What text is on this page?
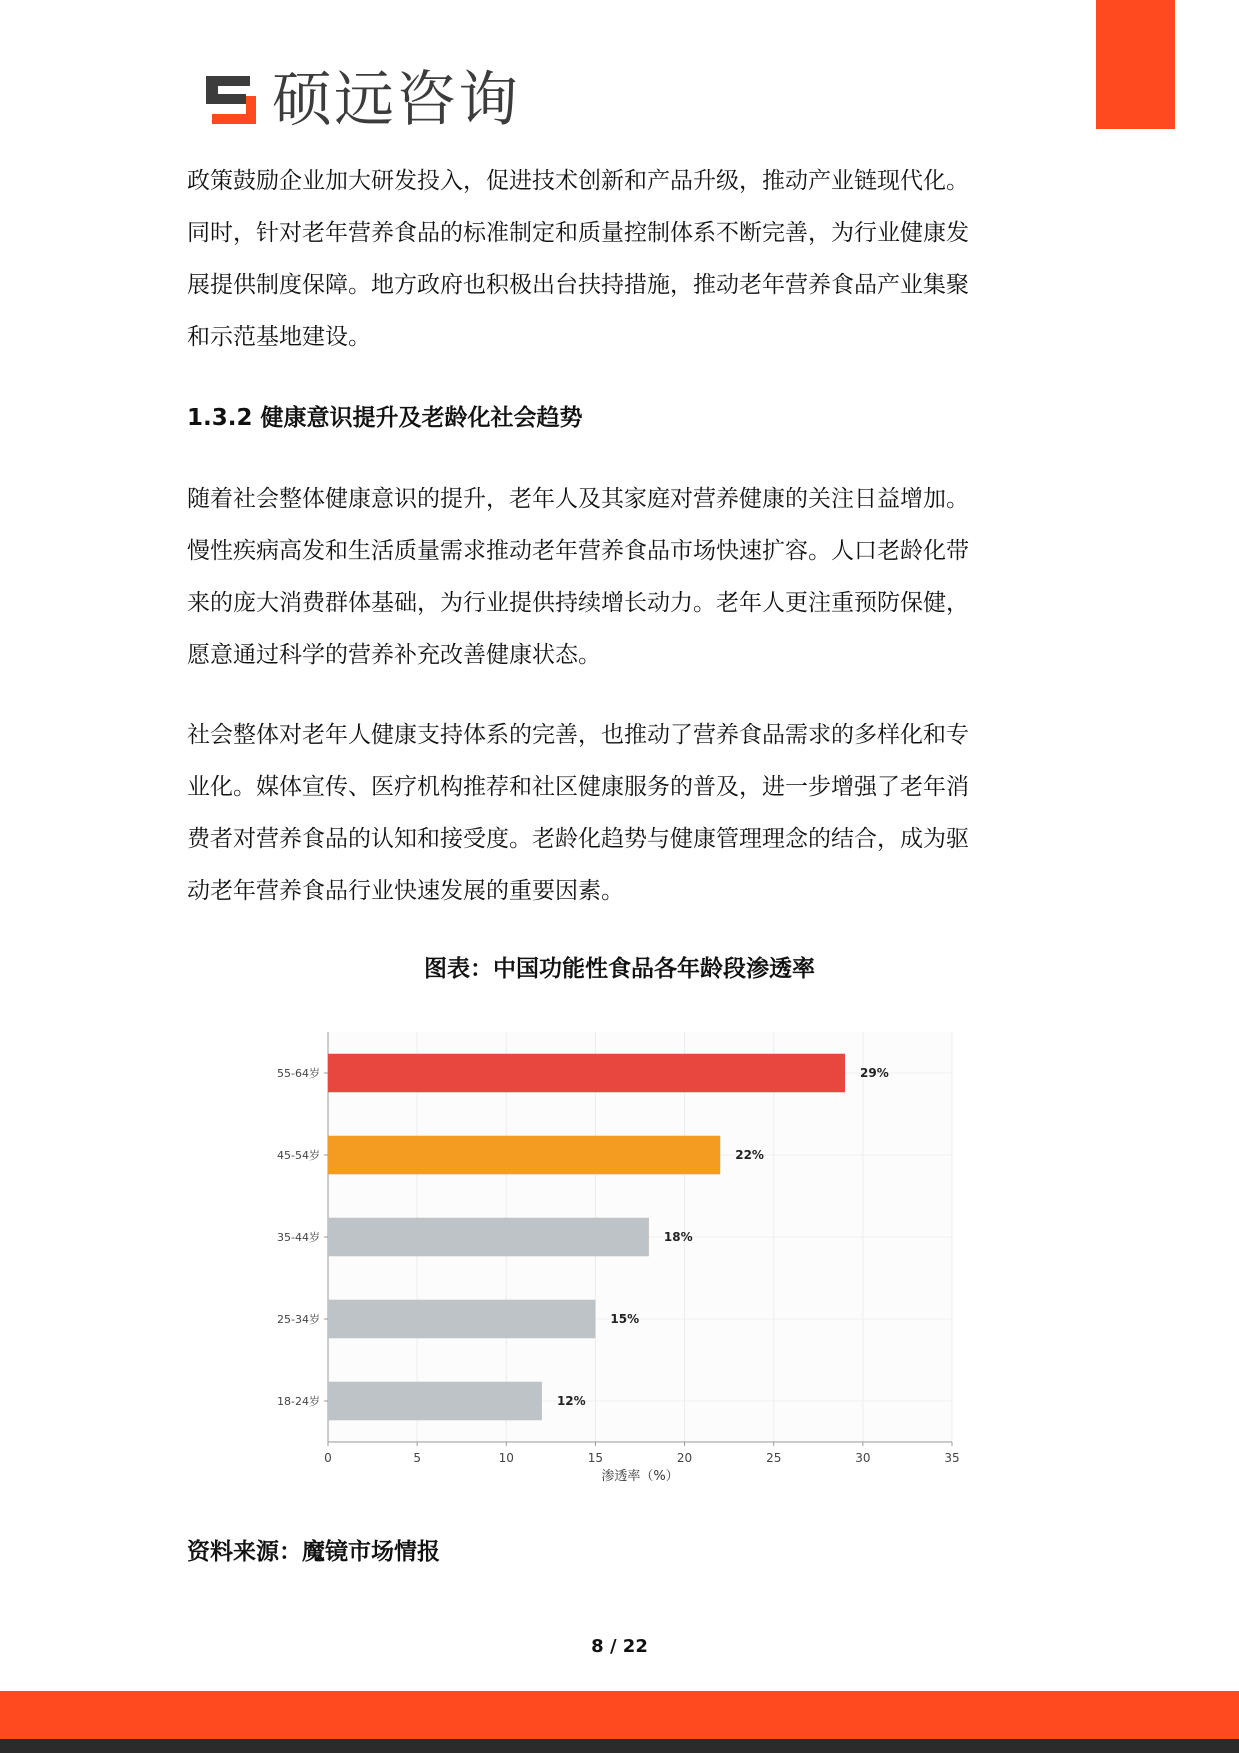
硕远咨询

政策鼓励企业加大研发投入，促进技术创新和产品升级，推动产业链现代化。
同时，针对老年营养食品的标准制定和质量控制体系不断完善，为行业健康发
展提供制度保障。地方政府也积极出台扶持措施，推动老年营养食品产业集聚
和示范基地建设。

1.3.2 健康意识提升及老龄化社会趋势

随着社会整体健康意识的提升，老年人及其家庭对营养健康的关注日益增加。
慢性疾病高发和生活质量需求推动老年营养食品市场快速扩容。人口老龄化带
来的庞大消费群体基础，为行业提供持续增长动力。老年人更注重预防保健，
愿意通过科学的营养补充改善健康状态。

社会整体对老年人健康支持体系的完善，也推动了营养食品需求的多样化和专
业化。媒体宣传、医疗机构推荐和社区健康服务的普及，进一步增强了老年消
费者对营养食品的认知和接受度。老龄化趋势与健康管理理念的结合，成为驱
动老年营养食品行业快速发展的重要因素。

图表：中国功能性食品各年龄段渗透率

29%
55-64岁
22%
45-54岁
18%
35-44岁
15%
25-34岁
12%
18-24岁
0	5	10	15	20	25	30	35
渗透率（%）

资料来源：魔镜市场情报

8 / 22
